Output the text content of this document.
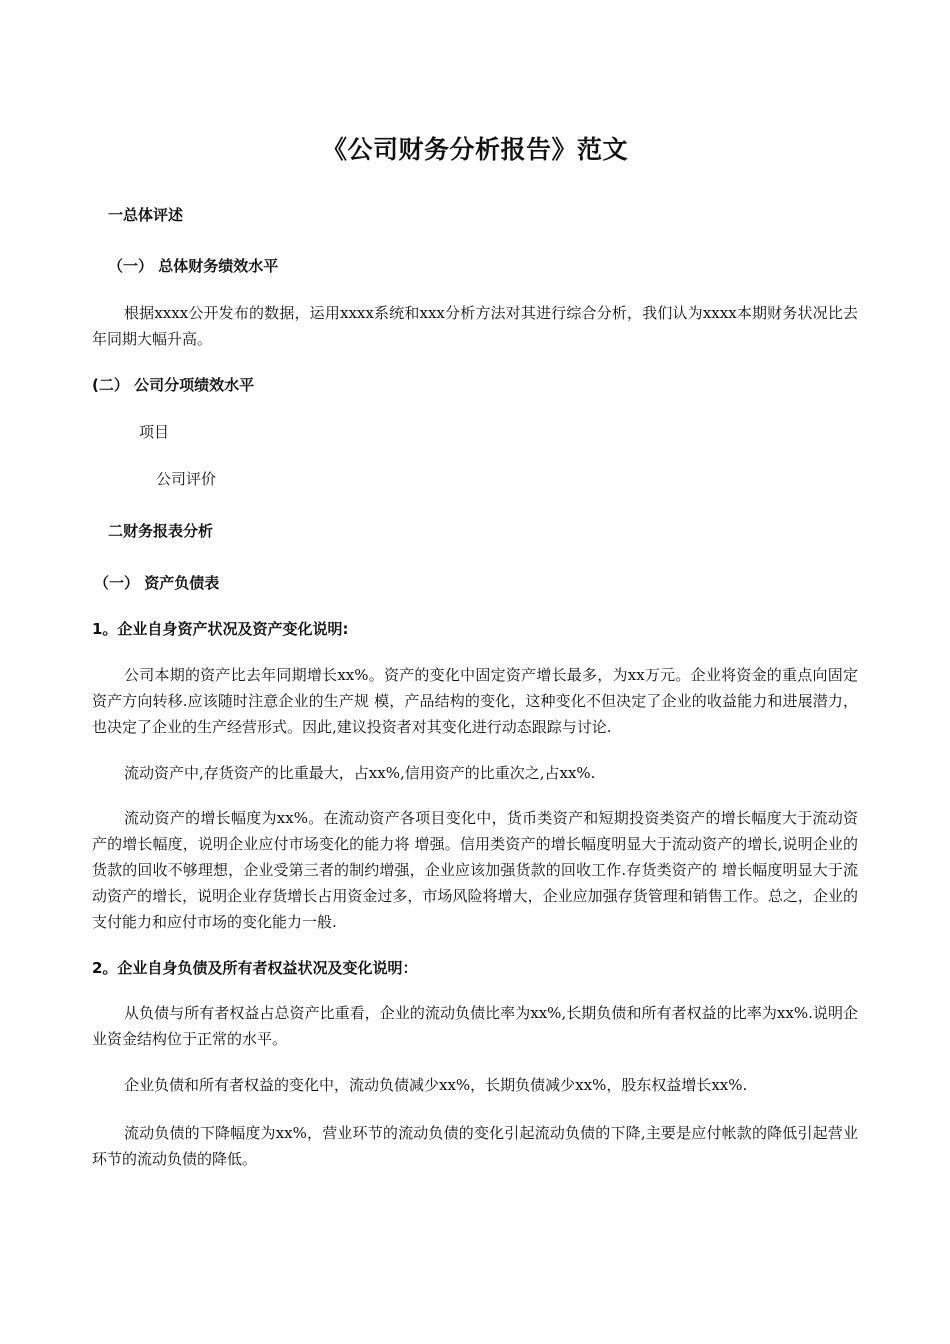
《公司财务分析报告》范文
一总体评述
（一） 总体财务绩效水平

根据xxxx公开发布的数据，运用xxxx系统和xxx分析方法对其进行综合分析，我们认为xxxx本期财务状况比去年同期大幅升高。

(二） 公司分项绩效水平
项目
公司评价
二财务报表分析
（一） 资产负债表
1。企业自身资产状况及资产变化说明:

公司本期的资产比去年同期增长xx%。资产的变化中固定资产增长最多，为xx万元。企业将资金的重点向固定资产方向转移.应该随时注意企业的生产规 模，产品结构的变化，这种变化不但决定了企业的收益能力和进展潜力，也决定了企业的生产经营形式。因此,建议投资者对其变化进行动态跟踪与讨论.

流动资产中,存货资产的比重最大，占xx%,信用资产的比重次之,占xx%.

流动资产的增长幅度为xx%。在流动资产各项目变化中，货币类资产和短期投资类资产的增长幅度大于流动资产的增长幅度，说明企业应付市场变化的能力将 增强。信用类资产的增长幅度明显大于流动资产的增长,说明企业的货款的回收不够理想，企业受第三者的制约增强，企业应该加强货款的回收工作.存货类资产的 增长幅度明显大于流动资产的增长，说明企业存货增长占用资金过多，市场风险将增大，企业应加强存货管理和销售工作。总之，企业的支付能力和应付市场的变化能力一般.

2。企业自身负债及所有者权益状况及变化说明：

从负债与所有者权益占总资产比重看，企业的流动负债比率为xx%,长期负债和所有者权益的比率为xx%.说明企业资金结构位于正常的水平。

企业负债和所有者权益的变化中，流动负债减少xx%，长期负债减少xx%，股东权益增长xx%.

流动负债的下降幅度为xx%，营业环节的流动负债的变化引起流动负债的下降,主要是应付帐款的降低引起营业环节的流动负债的降低。
